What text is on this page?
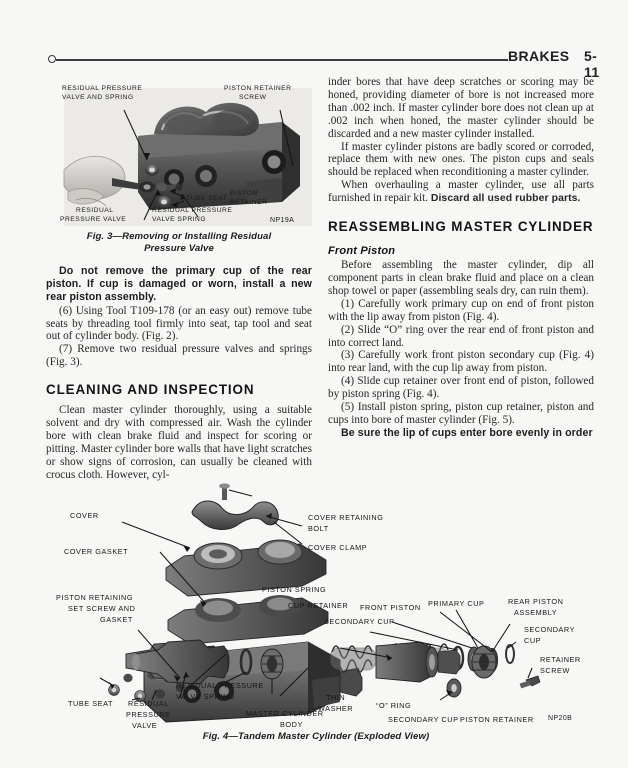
BRAKES 5-11
RESIDUAL PRESSURE
VALVE AND SPRING
PISTON RETAINER
SCREW
TUBE SEAT
PISTON
RETAINER
RESIDUAL
PRESSURE VALVE
RESIDUAL PRESSURE
VALVE SPRING	NP19A
Fig. 3—Removing or Installing Residual
Pressure Valve

Do not remove the primary cup of the rear piston. If cup is damaged or worn, install a new rear piston assembly.

(6) Using Tool T109-178 (or an easy out) remove tube seats by threading tool firmly into seat, tap tool and seat out of cylinder body. (Fig. 2).

(7) Remove two residual pressure valves and springs (Fig. 3).

CLEANING AND INSPECTION

Clean master cylinder thoroughly, using a suitable solvent and dry with compressed air. Wash the cylinder bore with clean brake fluid and inspect for scoring or pitting. Master cylinder bore walls that have light scratches or show signs of corrosion, can usually be cleaned with crocus cloth. However, cyl-

inder bores that have deep scratches or scoring may be honed, providing diameter of bore is not increased more than .002 inch. If master cylinder bore does not clean up at .002 inch when honed, the master cylinder should be discarded and a new master cylinder installed.

If master cylinder pistons are badly scored or corroded, replace them with new ones. The piston cups and seals should be replaced when reconditioning a master cylinder.

When overhauling a master cylinder, use all parts furnished in repair kit. Discard all used rubber parts.

REASSEMBLING MASTER CYLINDER
Front Piston

Before assembling the master cylinder, dip all component parts in clean brake fluid and place on a clean shop towel or paper (assembling seals dry, can ruin them).

(1) Carefully work primary cup on end of front piston with the lip away from piston (Fig. 4).

(2) Slide “O” ring over the rear end of front piston and into correct land.

(3) Carefully work front piston secondary cup (Fig. 4) into rear land, with the cup lip away from piston.

(4) Slide cup retainer over front end of piston, followed by piston spring (Fig. 4).

(5) Install piston spring, piston cup retainer, piston and cups into bore of master cylinder (Fig. 5).

Be sure the lip of cups enter bore evenly in order

COVER	COVER RETAINING
BOLT
COVER CLAMP
COVER GASKET
PISTON RETAINING
SET SCREW AND
GASKET
PISTON SPRING
CUP RETAINER
SECONDARY CUP
FRONT PISTON PRIMARY CUP	REAR PISTON
ASSEMBLY
SECONDARY
CUP
RETAINER
SCREW
TUBE SEAT RESIDUAL
PRESSURE
VALVE
RESIDUAL PRESSURE
VALVE SPRING
MASTER CYLINDER
BODY
THIN
WASHER	“O” RING
SECONDARY CUP PISTON RETAINER NP20B
Fig. 4—Tandem Master Cylinder (Exploded View)
